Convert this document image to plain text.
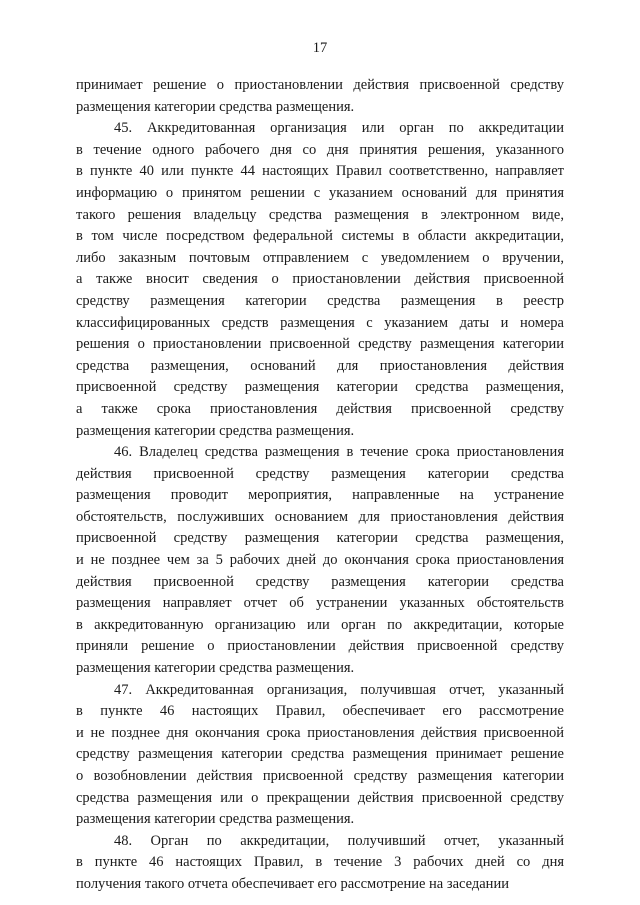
17
принимает решение о приостановлении действия присвоенной средству
размещения категории средства размещения.
45. Аккредитованная организация или орган по аккредитации
в течение одного рабочего дня со дня принятия решения, указанного
в пункте 40 или пункте 44 настоящих Правил соответственно, направляет
информацию о принятом решении с указанием оснований для принятия
такого решения владельцу средства размещения в электронном виде,
в том числе посредством федеральной системы в области аккредитации,
либо заказным почтовым отправлением с уведомлением о вручении,
а также вносит сведения о приостановлении действия присвоенной
средству размещения категории средства размещения в реестр
классифицированных средств размещения с указанием даты и номера
решения о приостановлении присвоенной средству размещения категории
средства размещения, оснований для приостановления действия
присвоенной средству размещения категории средства размещения,
а также срока приостановления действия присвоенной средству
размещения категории средства размещения.
46. Владелец средства размещения в течение срока приостановления
действия присвоенной средству размещения категории средства
размещения проводит мероприятия, направленные на устранение
обстоятельств, послуживших основанием для приостановления действия
присвоенной средству размещения категории средства размещения,
и не позднее чем за 5 рабочих дней до окончания срока приостановления
действия присвоенной средству размещения категории средства
размещения направляет отчет об устранении указанных обстоятельств
в аккредитованную организацию или орган по аккредитации, которые
приняли решение о приостановлении действия присвоенной средству
размещения категории средства размещения.
47. Аккредитованная организация, получившая отчет, указанный
в пункте 46 настоящих Правил, обеспечивает его рассмотрение
и не позднее дня окончания срока приостановления действия присвоенной
средству размещения категории средства размещения принимает решение
о возобновлении действия присвоенной средству размещения категории
средства размещения или о прекращении действия присвоенной средству
размещения категории средства размещения.
48. Орган по аккредитации, получивший отчет, указанный
в пункте 46 настоящих Правил, в течение 3 рабочих дней со дня
получения такого отчета обеспечивает его рассмотрение на заседании
